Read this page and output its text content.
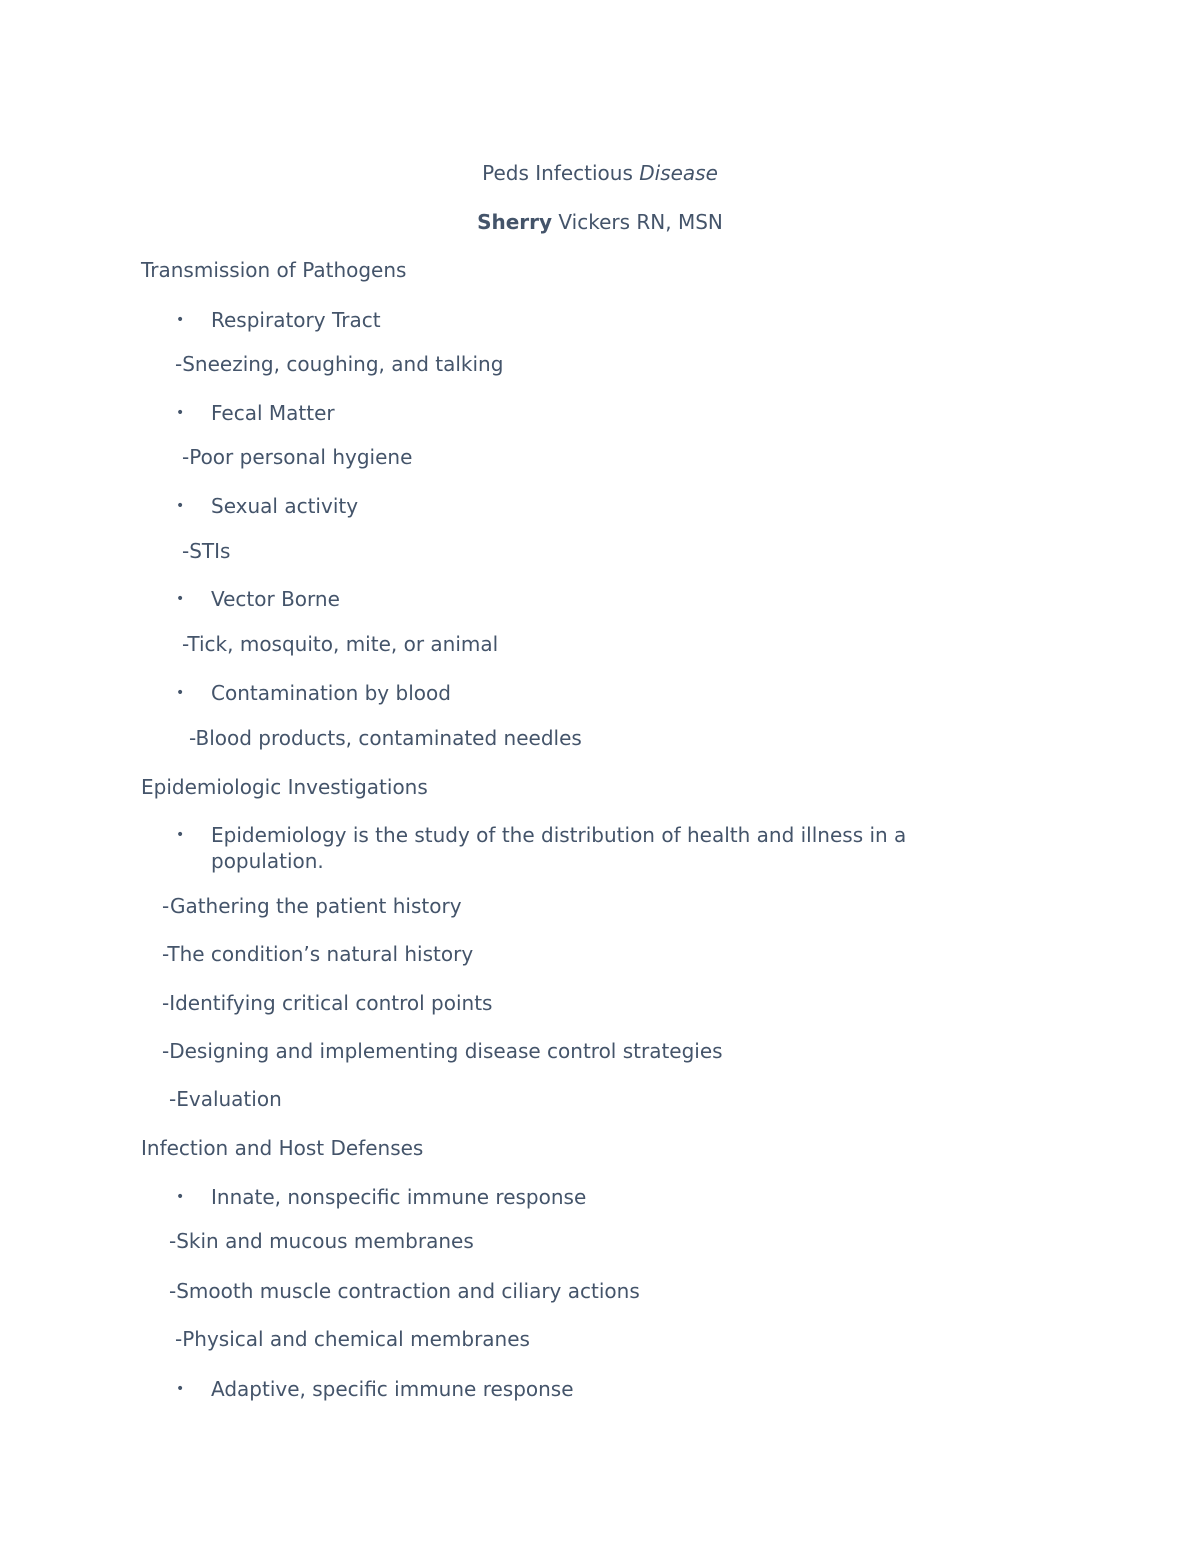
Peds Infectious Disease
Sherry Vickers RN, MSN
Transmission of Pathogens
• Respiratory Tract
-Sneezing, coughing, and talking
• Fecal Matter
-Poor personal hygiene
• Sexual activity
-STIs
• Vector Borne
-Tick, mosquito, mite, or animal
• Contamination by blood
-Blood products, contaminated needles
Epidemiologic Investigations
• Epidemiology is the study of the distribution of health and illness in a population.
-Gathering the patient history
-The condition’s natural history
-Identifying critical control points
-Designing and implementing disease control strategies
-Evaluation
Infection and Host Defenses
• Innate, nonspecific immune response
-Skin and mucous membranes
-Smooth muscle contraction and ciliary actions
-Physical and chemical membranes
• Adaptive, specific immune response
